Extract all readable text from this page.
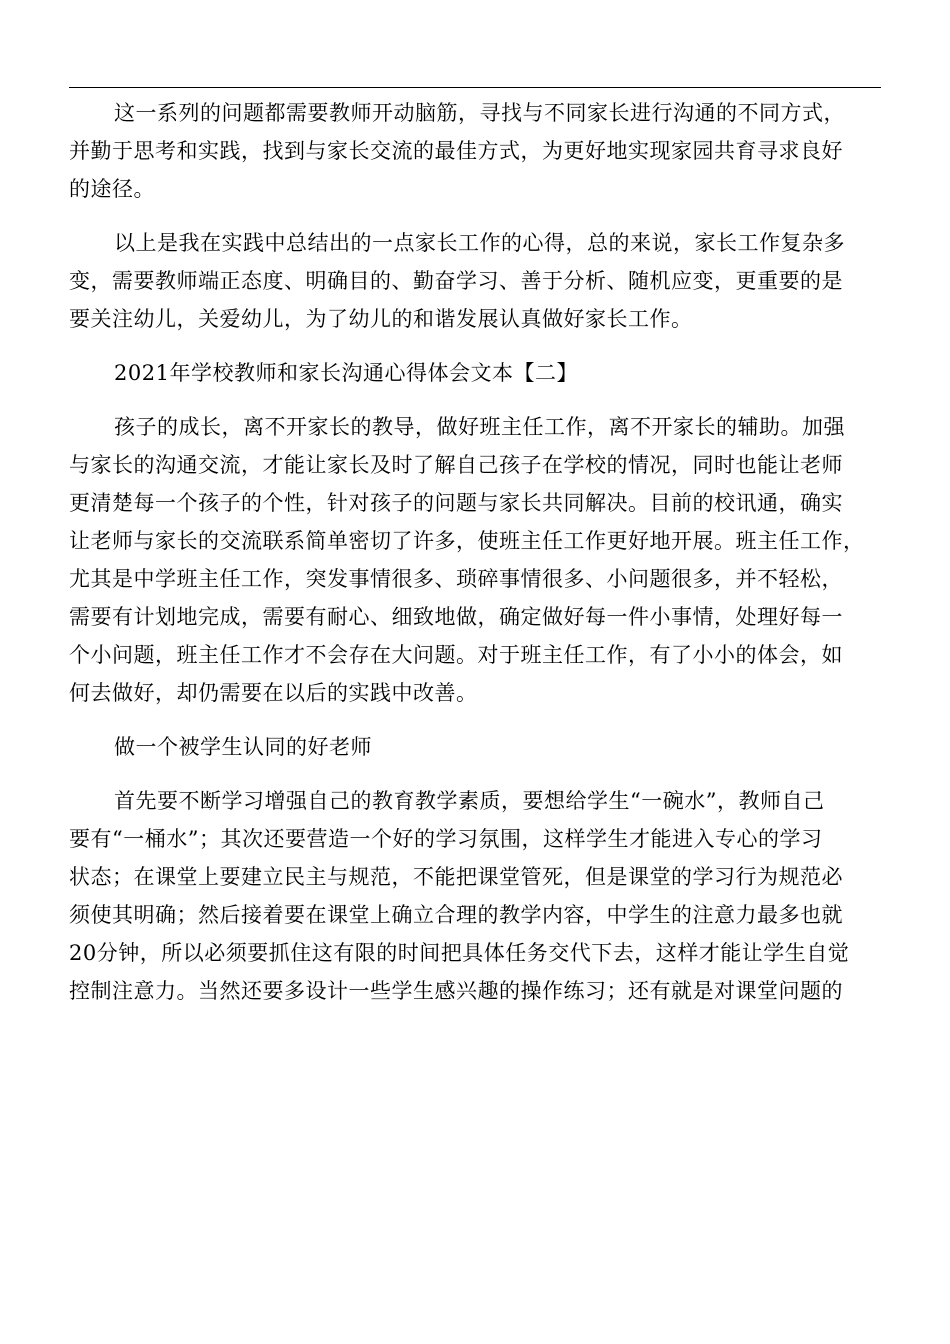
这一系列的问题都需要教师开动脑筋，寻找与不同家长进行沟通的不同方式，
并勤于思考和实践，找到与家长交流的最佳方式，为更好地实现家园共育寻求良好
的途径。
以上是我在实践中总结出的一点家长工作的心得，总的来说，家长工作复杂多
变，需要教师端正态度、明确目的、勤奋学习、善于分析、随机应变，更重要的是
要关注幼儿，关爱幼儿，为了幼儿的和谐发展认真做好家长工作。
2021年学校教师和家长沟通心得体会文本【二】
孩子的成长，离不开家长的教导，做好班主任工作，离不开家长的辅助。加强
与家长的沟通交流，才能让家长及时了解自己孩子在学校的情况，同时也能让老师
更清楚每一个孩子的个性，针对孩子的问题与家长共同解决。目前的校讯通，确实
让老师与家长的交流联系简单密切了许多，使班主任工作更好地开展。班主任工作，
尤其是中学班主任工作，突发事情很多、琐碎事情很多、小问题很多，并不轻松，
需要有计划地完成，需要有耐心、细致地做，确定做好每一件小事情，处理好每一
个小问题，班主任工作才不会存在大问题。对于班主任工作，有了小小的体会，如
何去做好，却仍需要在以后的实践中改善。
做一个被学生认同的好老师
首先要不断学习增强自己的教育教学素质，要想给学生“一碗水”，教师自己
要有“一桶水”；其次还要营造一个好的学习氛围，这样学生才能进入专心的学习
状态；在课堂上要建立民主与规范，不能把课堂管死，但是课堂的学习行为规范必
须使其明确；然后接着要在课堂上确立合理的教学内容，中学生的注意力最多也就
20分钟，所以必须要抓住这有限的时间把具体任务交代下去，这样才能让学生自觉
控制注意力。当然还要多设计一些学生感兴趣的操作练习；还有就是对课堂问题的
